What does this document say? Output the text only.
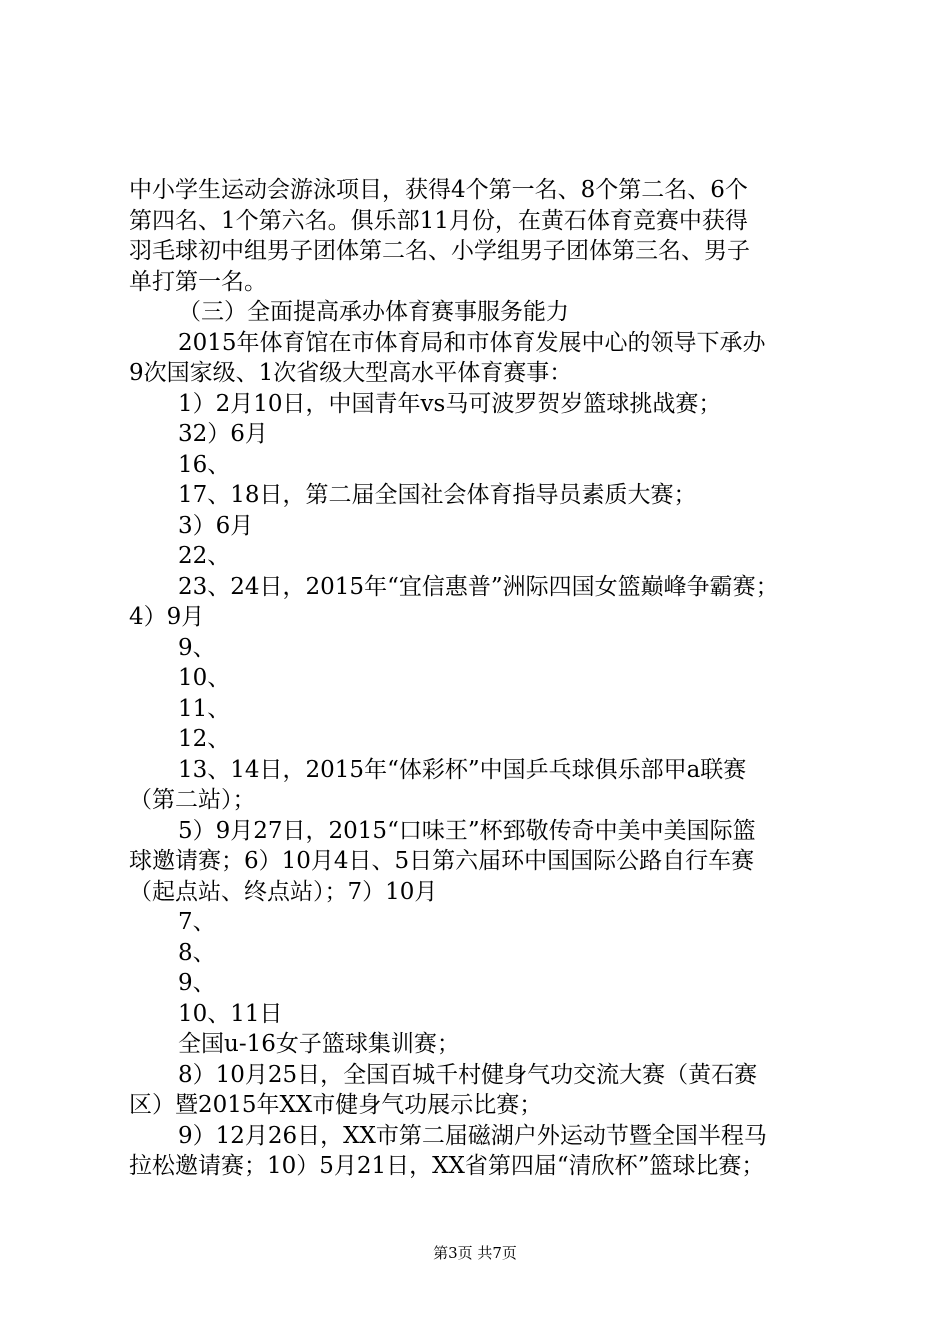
中小学生运动会游泳项目，获得4个第一名、8个第二名、6个
第四名、1个第六名。俱乐部11月份，在黄石体育竞赛中获得
羽毛球初中组男子团体第二名、小学组男子团体第三名、男子
单打第一名。
（三）全面提高承办体育赛事服务能力
2015年体育馆在市体育局和市体育发展中心的领导下承办
9次国家级、1次省级大型高水平体育赛事：
1）2月10日，中国青年vs马可波罗贺岁篮球挑战赛；
32）6月
16、
17、18日，第二届全国社会体育指导员素质大赛；
3）6月
22、
23、24日，2015年“宜信惠普”洲际四国女篮巅峰争霸赛；
4）9月
9、
10、
11、
12、
13、14日，2015年“体彩杯”中国乒乓球俱乐部甲a联赛
（第二站）；
5）9月27日，2015“口味王”杯郅敬传奇中美中美国际篮
球邀请赛；6）10月4日、5日第六届环中国国际公路自行车赛
（起点站、终点站）；7）10月
7、
8、
9、
10、11日
全国u-16女子篮球集训赛；
8）10月25日，全国百城千村健身气功交流大赛（黄石赛
区）暨2015年XX市健身气功展示比赛；
9）12月26日，XX市第二届磁湖户外运动节暨全国半程马
拉松邀请赛；10）5月21日，XX省第四届“清欣杯”篮球比赛；
第3页 共7页
